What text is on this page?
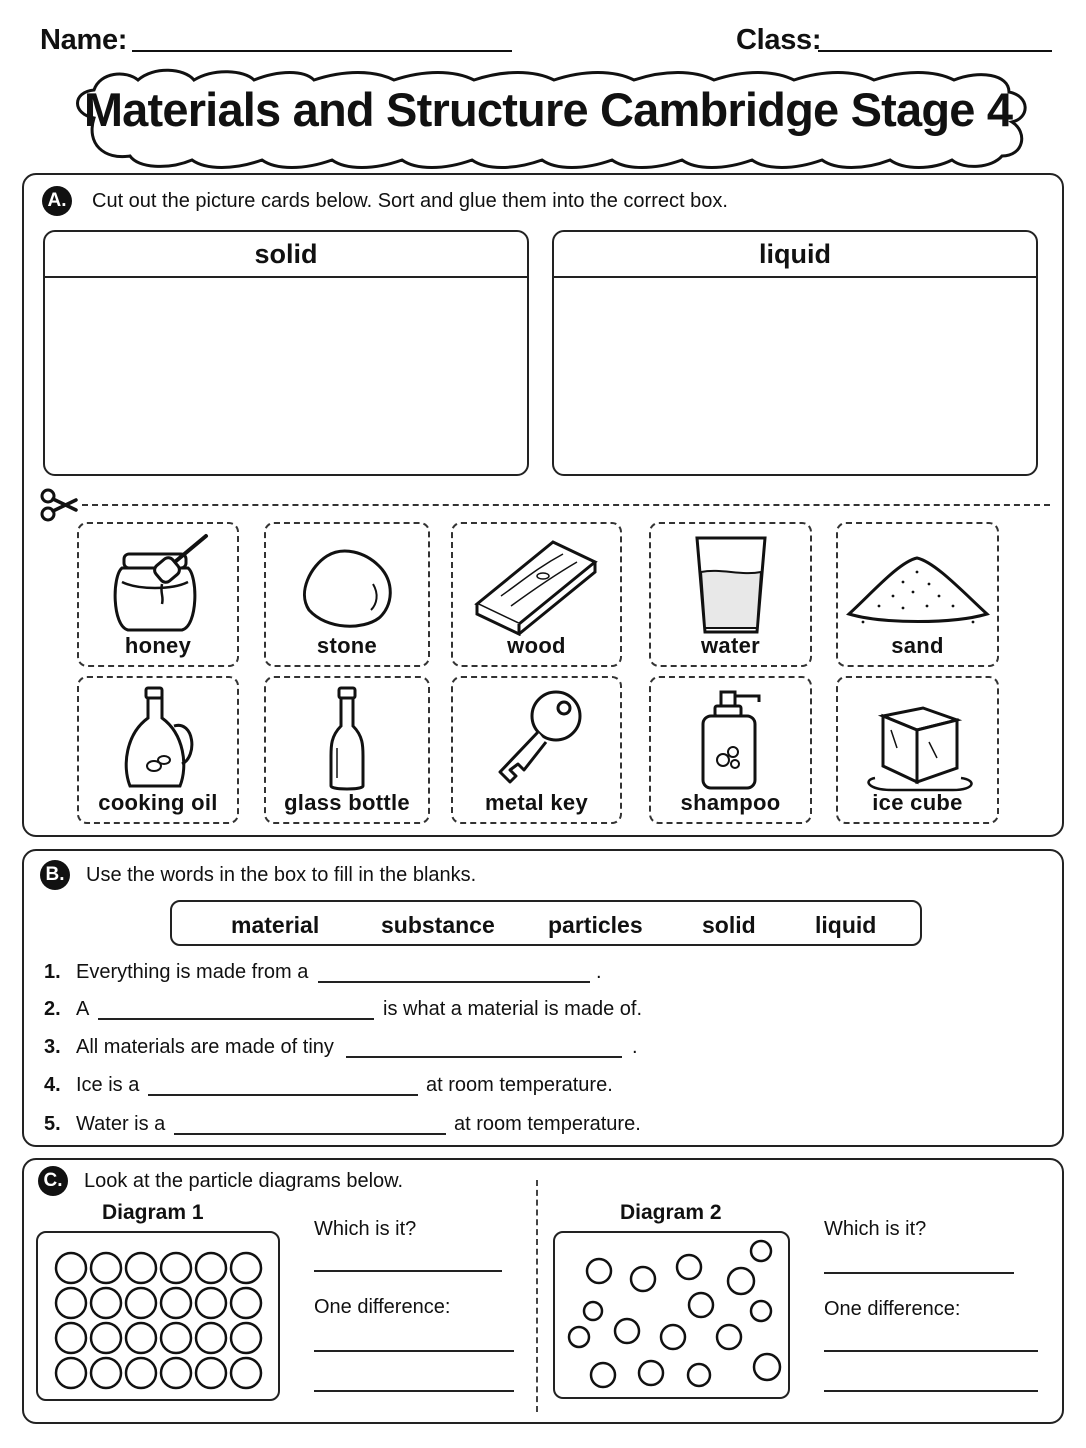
Name:	Class:
Materials and Structure Cambridge Stage 4
A. Cut out the picture cards below. Sort and glue them into the correct box.
solid	liquid
honey	stone	wood	water	sand
cooking oil	glass bottle	metal key	shampoo	ice cube
B. Use the words in the box to fill in the blanks.
material	substance particles	solid	liquid
1. Everything is made from a	.
2. A	is what a material is made of.
3. All materials are made of tiny	.
4. Ice is a	at room temperature.
5. Water is a	at room temperature.
C. Look at the particle diagrams below.
Diagram 1
Which is it?
One difference:
Diagram 2
Which is it?
One difference:
